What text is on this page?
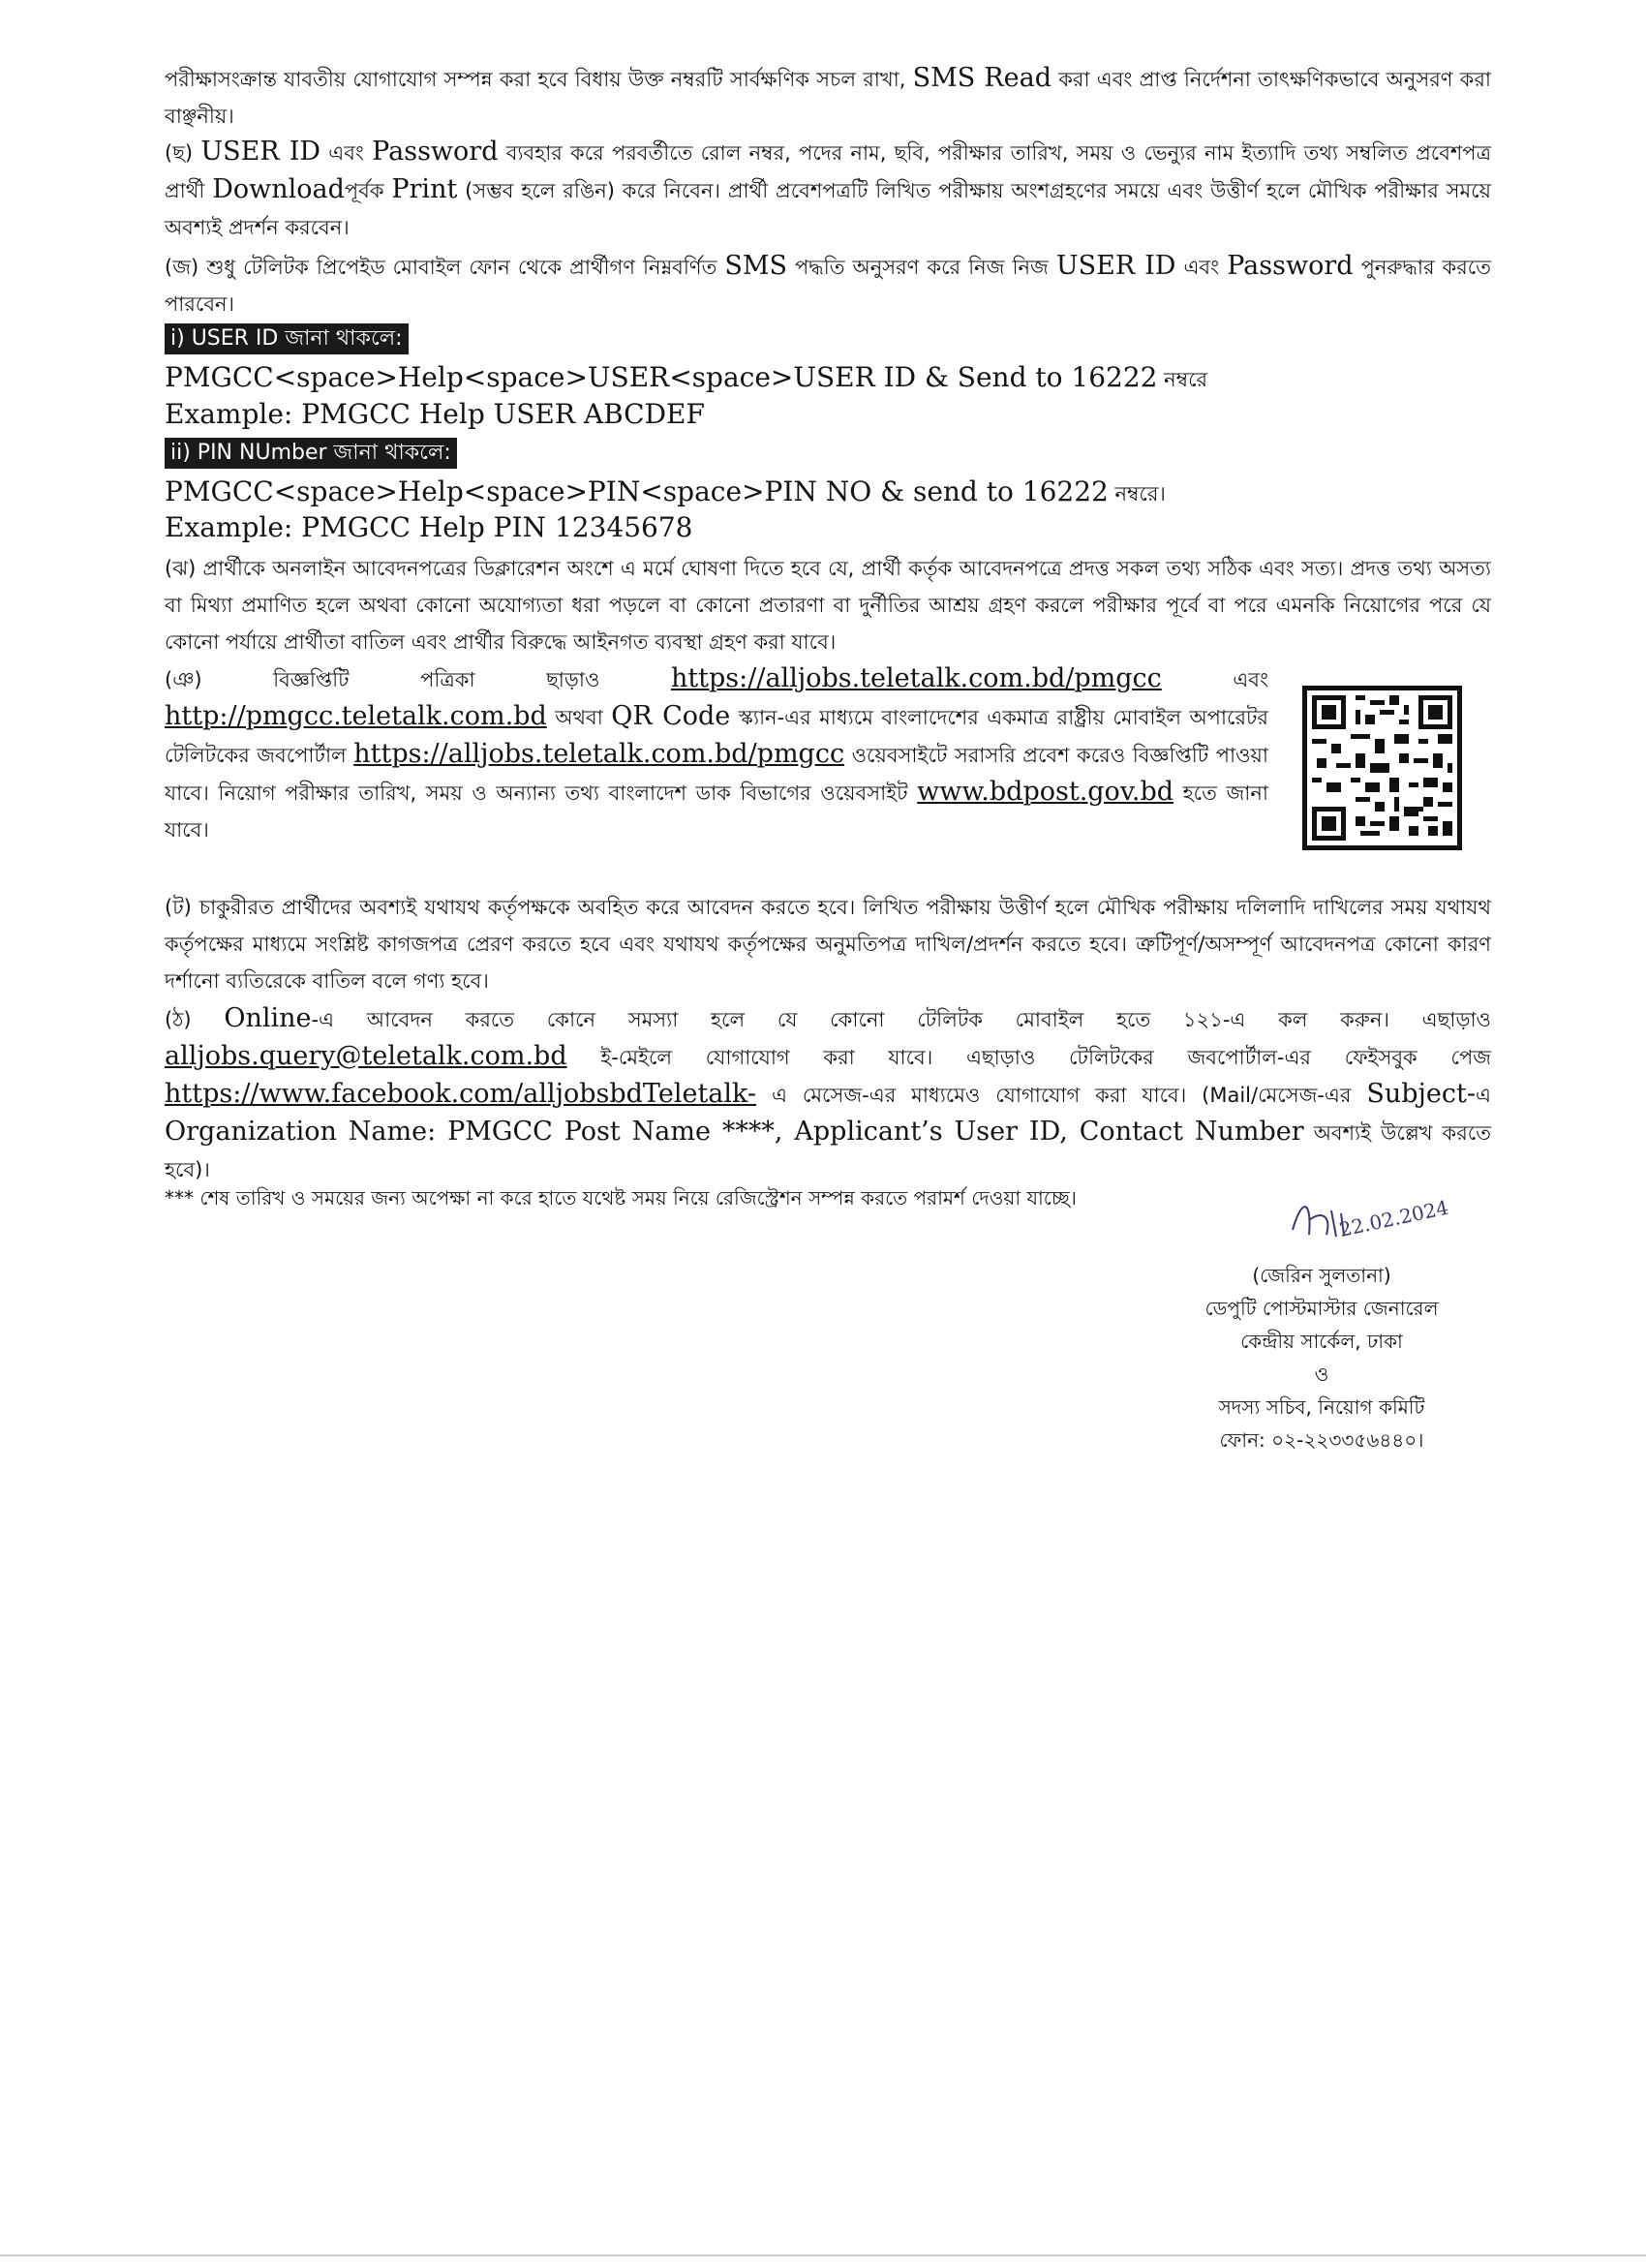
পরীক্ষাসংক্রান্ত যাবতীয় যোগাযোগ সম্পন্ন করা হবে বিধায় উক্ত নম্বরটি সার্বক্ষণিক সচল রাখা, SMS Read করা এবং প্রাপ্ত নির্দেশনা তাৎক্ষণিকভাবে অনুসরণ করা বাঞ্ছনীয়।

(ছ) USER ID এবং Password ব্যবহার করে পরবর্তীতে রোল নম্বর, পদের নাম, ছবি, পরীক্ষার তারিখ, সময় ও ভেন্যুর নাম ইত্যাদি তথ্য সম্বলিত প্রবেশপত্র প্রার্থী Downloadপূর্বক Print (সম্ভব হলে রঙিন) করে নিবেন। প্রার্থী প্রবেশপত্রটি লিখিত পরীক্ষায় অংশগ্রহণের সময়ে এবং উত্তীর্ণ হলে মৌখিক পরীক্ষার সময়ে অবশ্যই প্রদর্শন করবেন।

(জ) শুধু টেলিটক প্রিপেইড মোবাইল ফোন থেকে প্রার্থীগণ নিম্নবর্ণিত SMS পদ্ধতি অনুসরণ করে নিজ নিজ USER ID এবং Password পুনরুদ্ধার করতে পারবেন।

i) USER ID জানা থাকলে:

PMGCC<space>Help<space>USER<space>USER ID & Send to 16222 নম্বরে

Example: PMGCC Help USER ABCDEF

ii) PIN NUmber জানা থাকলে:

PMGCC<space>Help<space>PIN<space>PIN NO & send to 16222 নম্বরে।

Example: PMGCC Help PIN 12345678

(ঝ) প্রার্থীকে অনলাইন আবেদনপত্রের ডিক্লারেশন অংশে এ মর্মে ঘোষণা দিতে হবে যে, প্রার্থী কর্তৃক আবেদনপত্রে প্রদত্ত সকল তথ্য সঠিক এবং সত্য। প্রদত্ত তথ্য অসত্য বা মিথ্যা প্রমাণিত হলে অথবা কোনো অযোগ্যতা ধরা পড়লে বা কোনো প্রতারণা বা দুর্নীতির আশ্রয় গ্রহণ করলে পরীক্ষার পূর্বে বা পরে এমনকি নিয়োগের পরে যে কোনো পর্যায়ে প্রার্থীতা বাতিল এবং প্রার্থীর বিরুদ্ধে আইনগত ব্যবস্থা গ্রহণ করা যাবে।

(ঞ) বিজ্ঞপ্তিটি পত্রিকা ছাড়াও https://alljobs.teletalk.com.bd/pmgcc এবং http://pmgcc.teletalk.com.bd অথবা QR Code স্ক্যান-এর মাধ্যমে বাংলাদেশের একমাত্র রাষ্ট্রীয় মোবাইল অপারেটর টেলিটকের জবপোর্টাল https://alljobs.teletalk.com.bd/pmgcc ওয়েবসাইটে সরাসরি প্রবেশ করেও বিজ্ঞপ্তিটি পাওয়া যাবে। নিয়োগ পরীক্ষার তারিখ, সময় ও অন্যান্য তথ্য বাংলাদেশ ডাক বিভাগের ওয়েবসাইট www.bdpost.gov.bd হতে জানা যাবে।

(ট) চাকুরীরত প্রার্থীদের অবশ্যই যথাযথ কর্তৃপক্ষকে অবহিত করে আবেদন করতে হবে। লিখিত পরীক্ষায় উত্তীর্ণ হলে মৌখিক পরীক্ষায় দলিলাদি দাখিলের সময় যথাযথ কর্তৃপক্ষের মাধ্যমে সংশ্লিষ্ট কাগজপত্র প্রেরণ করতে হবে এবং যথাযথ কর্তৃপক্ষের অনুমতিপত্র দাখিল/প্রদর্শন করতে হবে। ত্রুটিপূর্ণ/অসম্পূর্ণ আবেদনপত্র কোনো কারণ দর্শানো ব্যতিরেকে বাতিল বলে গণ্য হবে।

(ঠ) Online-এ আবেদন করতে কোনে সমস্যা হলে যে কোনো টেলিটক মোবাইল হতে ১২১-এ কল করুন। এছাড়াও alljobs.query@teletalk.com.bd ই-মেইলে যোগাযোগ করা যাবে। এছাড়াও টেলিটকের জবপোর্টাল-এর ফেইসবুক পেজ https://www.facebook.com/alljobsbdTeletalk- এ মেসেজ-এর মাধ্যমেও যোগাযোগ করা যাবে। (Mail/মেসেজ-এর Subject-এ Organization Name: PMGCC Post Name ****, Applicant’s User ID, Contact Number অবশ্যই উল্লেখ করতে হবে)।

*** শেষ তারিখ ও সময়ের জন্য অপেক্ষা না করে হাতে যথেষ্ট সময় নিয়ে রেজিস্ট্রেশন সম্পন্ন করতে পরামর্শ দেওয়া যাচ্ছে।	22.02.2024

(জেরিন সুলতানা)

ডেপুটি পোস্টমাস্টার জেনারেল

কেন্দ্রীয় সার্কেল, ঢাকা

ও

সদস্য সচিব, নিয়োগ কমিটি

ফোন: ০২-২২৩৩৫৬৪৪০।
